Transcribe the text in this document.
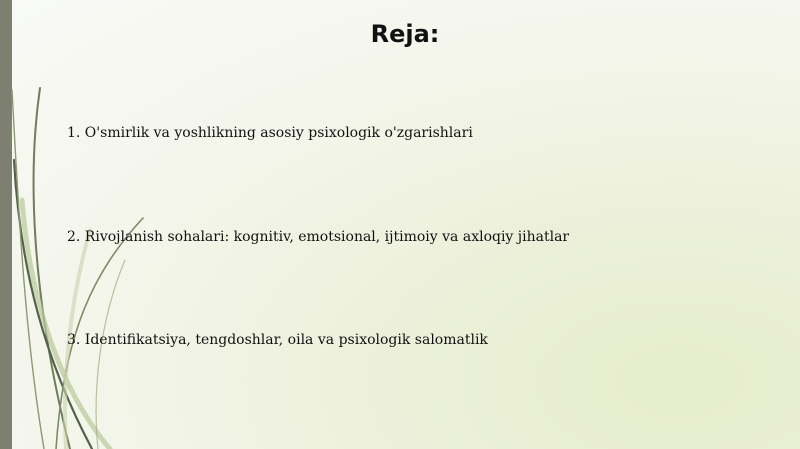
Reja:

1. O'smirlik va yoshlikning asosiy psixologik o'zgarishlari

2. Rivojlanish sohalari: kognitiv, emotsional, ijtimoiy va axloqiy jihatlar

3. Identifikatsiya, tengdoshlar, oila va psixologik salomatlik
